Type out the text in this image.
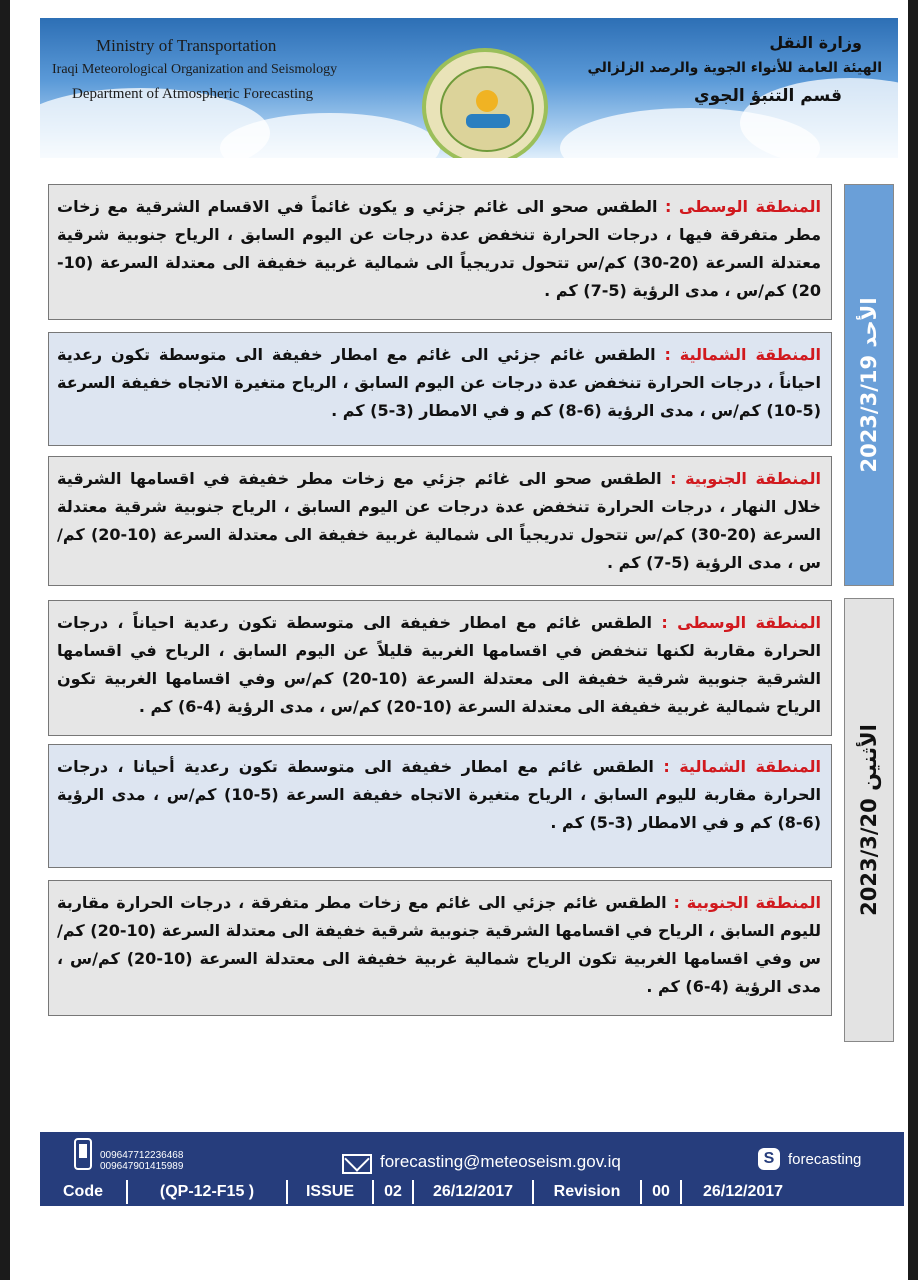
Ministry of Transportation
Iraqi Meteorological Organization and Seismology
Department of Atmospheric Forecasting
وزارة النقل
الهيئة العامة للأنواء الجوية والرصد الزلزالي
قسم التنبؤ الجوي
المنطقة الوسطى : الطقس صحو الى غائم جزئي و يكون غائماً في الاقسام الشرقية مع زخات مطر متفرقة فيها ، درجات الحرارة تنخفض عدة درجات عن اليوم السابق ، الرياح جنوبية شرقية معتدلة السرعة (20-30) كم/س تتحول تدريجياً الى شمالية غربية خفيفة الى معتدلة السرعة (10-20) كم/س ، مدى الرؤية (5-7) كم .
المنطقة الشمالية : الطقس غائم جزئي الى غائم مع امطار خفيفة الى متوسطة تكون رعدية احياناً ، درجات الحرارة تنخفض عدة درجات عن اليوم السابق ، الرياح متغيرة الاتجاه خفيفة السرعة (5-10) كم/س ، مدى الرؤية (6-8) كم و في الامطار (3-5) كم .
المنطقة الجنوبية : الطقس صحو الى غائم جزئي مع زخات مطر خفيفة في اقسامها الشرقية خلال النهار ، درجات الحرارة تنخفض عدة درجات عن اليوم السابق ، الرياح جنوبية شرقية معتدلة السرعة (20-30) كم/س تتحول تدريجياً الى شمالية غربية خفيفة الى معتدلة السرعة (10-20) كم/س ، مدى الرؤية (5-7) كم .
الأحد 2023/3/19
المنطقة الوسطى : الطقس غائم مع امطار خفيفة الى متوسطة تكون رعدية احياناً ، درجات الحرارة مقاربة لكنها تنخفض في اقسامها الغربية قليلاً عن اليوم السابق ، الرياح في اقسامها الشرقية جنوبية شرقية خفيفة الى معتدلة السرعة (10-20) كم/س وفي اقسامها الغربية تكون الرياح شمالية غربية خفيفة الى معتدلة السرعة (10-20) كم/س ، مدى الرؤية (4-6) كم .
المنطقة الشمالية : الطقس غائم مع امطار خفيفة الى متوسطة تكون رعدية أحيانا ، درجات الحرارة مقاربة لليوم السابق ، الرياح متغيرة الاتجاه خفيفة السرعة (5-10) كم/س ، مدى الرؤية (6-8) كم و في الامطار (3-5) كم .
المنطقة الجنوبية : الطقس غائم جزئي الى غائم مع زخات مطر متفرقة ، درجات الحرارة مقاربة لليوم السابق ، الرياح في اقسامها الشرقية جنوبية شرقية خفيفة الى معتدلة السرعة (10-20) كم/س وفي اقسامها الغربية تكون الرياح شمالية غربية خفيفة الى معتدلة السرعة (10-20) كم/س ، مدى الرؤية (4-6) كم .
الأثنين 2023/3/20
009647712236468
009647901415989	forecasting@meteoseism.gov.iq	S forecasting
Code	(QP-12-F15 )	ISSUE	02	26/12/2017	Revision	00	26/12/2017
